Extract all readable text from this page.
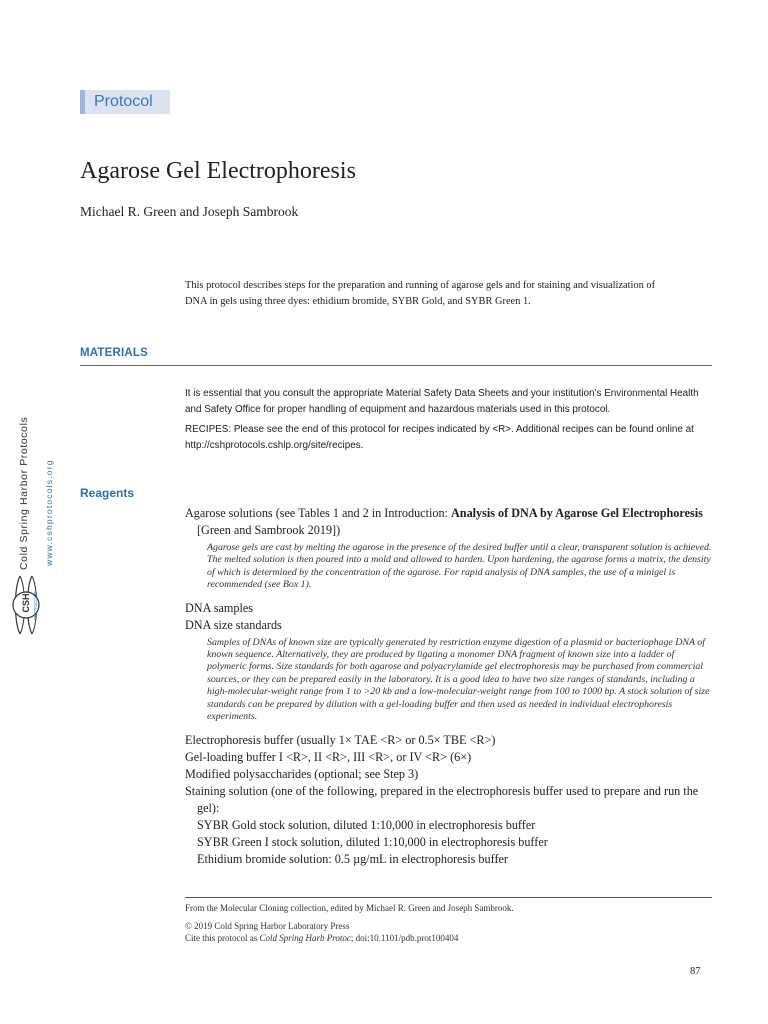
Protocol
Agarose Gel Electrophoresis
Michael R. Green and Joseph Sambrook
This protocol describes steps for the preparation and running of agarose gels and for staining and visualization of DNA in gels using three dyes: ethidium bromide, SYBR Gold, and SYBR Green 1.
MATERIALS
It is essential that you consult the appropriate Material Safety Data Sheets and your institution’s Environmental Health and Safety Office for proper handling of equipment and hazardous materials used in this protocol.
RECIPES: Please see the end of this protocol for recipes indicated by <R>. Additional recipes can be found online at http://cshprotocols.cshlp.org/site/recipes.
Reagents
Agarose solutions (see Tables 1 and 2 in Introduction: Analysis of DNA by Agarose Gel Electrophoresis [Green and Sambrook 2019])
Agarose gels are cast by melting the agarose in the presence of the desired buffer until a clear, transparent solution is achieved. The melted solution is then poured into a mold and allowed to harden. Upon hardening, the agarose forms a matrix, the density of which is determined by the concentration of the agarose. For rapid analysis of DNA samples, the use of a minigel is recommended (see Box 1).
DNA samples
DNA size standards
Samples of DNAs of known size are typically generated by restriction enzyme digestion of a plasmid or bacteriophage DNA of known sequence. Alternatively, they are produced by ligating a monomer DNA fragment of known size into a ladder of polymeric forms. Size standards for both agarose and polyacrylamide gel electrophoresis may be purchased from commercial sources, or they can be prepared easily in the laboratory. It is a good idea to have two size ranges of standards, including a high-molecular-weight range from 1 to >20 kb and a low-molecular-weight range from 100 to 1000 bp. A stock solution of size standards can be prepared by dilution with a gel-loading buffer and then used as needed in individual electrophoresis experiments.
Electrophoresis buffer (usually 1× TAE <R> or 0.5× TBE <R>)
Gel-loading buffer I <R>, II <R>, III <R>, or IV <R> (6×)
Modified polysaccharides (optional; see Step 3)
Staining solution (one of the following, prepared in the electrophoresis buffer used to prepare and run the gel):
SYBR Gold stock solution, diluted 1:10,000 in electrophoresis buffer
SYBR Green I stock solution, diluted 1:10,000 in electrophoresis buffer
Ethidium bromide solution: 0.5 µg/mL in electrophoresis buffer
Cold Spring Harbor Protocols www.cshprotocols.org
CSH
From the Molecular Cloning collection, edited by Michael R. Green and Joseph Sambrook.
© 2019 Cold Spring Harbor Laboratory Press
Cite this protocol as Cold Spring Harb Protoc; doi:10.1101/pdb.prot100404
87
